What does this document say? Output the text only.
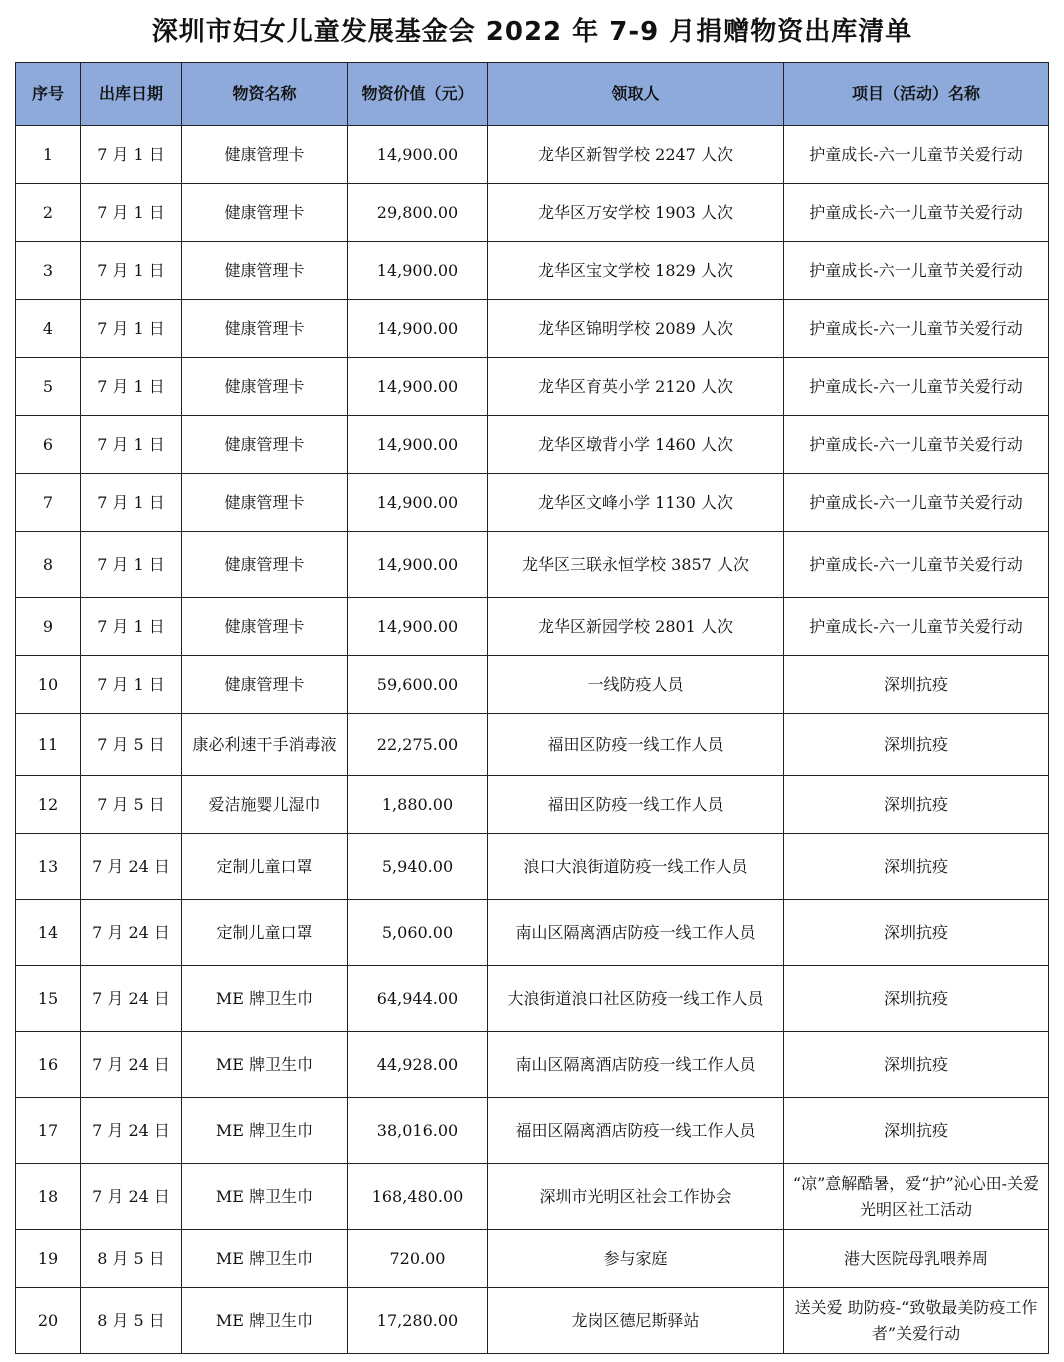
深圳市妇女儿童发展基金会 2022 年 7-9 月捐赠物资出库清单
序号	出库日期	物资名称	物资价值（元）	领取人	项目（活动）名称
1	7 月 1 日	健康管理卡	14,900.00	龙华区新智学校 2247 人次	护童成长-六一儿童节关爱行动
2	7 月 1 日	健康管理卡	29,800.00	龙华区万安学校 1903 人次	护童成长-六一儿童节关爱行动
3	7 月 1 日	健康管理卡	14,900.00	龙华区宝文学校 1829 人次	护童成长-六一儿童节关爱行动
4	7 月 1 日	健康管理卡	14,900.00	龙华区锦明学校 2089 人次	护童成长-六一儿童节关爱行动
5	7 月 1 日	健康管理卡	14,900.00	龙华区育英小学 2120 人次	护童成长-六一儿童节关爱行动
6	7 月 1 日	健康管理卡	14,900.00	龙华区墩背小学 1460 人次	护童成长-六一儿童节关爱行动
7	7 月 1 日	健康管理卡	14,900.00	龙华区文峰小学 1130 人次	护童成长-六一儿童节关爱行动
8	7 月 1 日	健康管理卡	14,900.00	龙华区三联永恒学校 3857 人次	护童成长-六一儿童节关爱行动
9	7 月 1 日	健康管理卡	14,900.00	龙华区新园学校 2801 人次	护童成长-六一儿童节关爱行动
10	7 月 1 日	健康管理卡	59,600.00	一线防疫人员	深圳抗疫
11	7 月 5 日	康必利速干手消毒液	22,275.00	福田区防疫一线工作人员	深圳抗疫
12	7 月 5 日	爱洁施婴儿湿巾	1,880.00	福田区防疫一线工作人员	深圳抗疫
13	7 月 24 日	定制儿童口罩	5,940.00	浪口大浪街道防疫一线工作人员	深圳抗疫
14	7 月 24 日	定制儿童口罩	5,060.00	南山区隔离酒店防疫一线工作人员	深圳抗疫
15	7 月 24 日	ME 牌卫生巾	64,944.00	大浪街道浪口社区防疫一线工作人员	深圳抗疫
16	7 月 24 日	ME 牌卫生巾	44,928.00	南山区隔离酒店防疫一线工作人员	深圳抗疫
17	7 月 24 日	ME 牌卫生巾	38,016.00	福田区隔离酒店防疫一线工作人员	深圳抗疫
18	7 月 24 日	ME 牌卫生巾	168,480.00	深圳市光明区社会工作协会	“凉”意解酷暑，爱“护”沁心田-关爱光明区社工活动
19	8 月 5 日	ME 牌卫生巾	720.00	参与家庭	港大医院母乳喂养周
20	8 月 5 日	ME 牌卫生巾	17,280.00	龙岗区德尼斯驿站	送关爱 助防疫-“致敬最美防疫工作者”关爱行动
